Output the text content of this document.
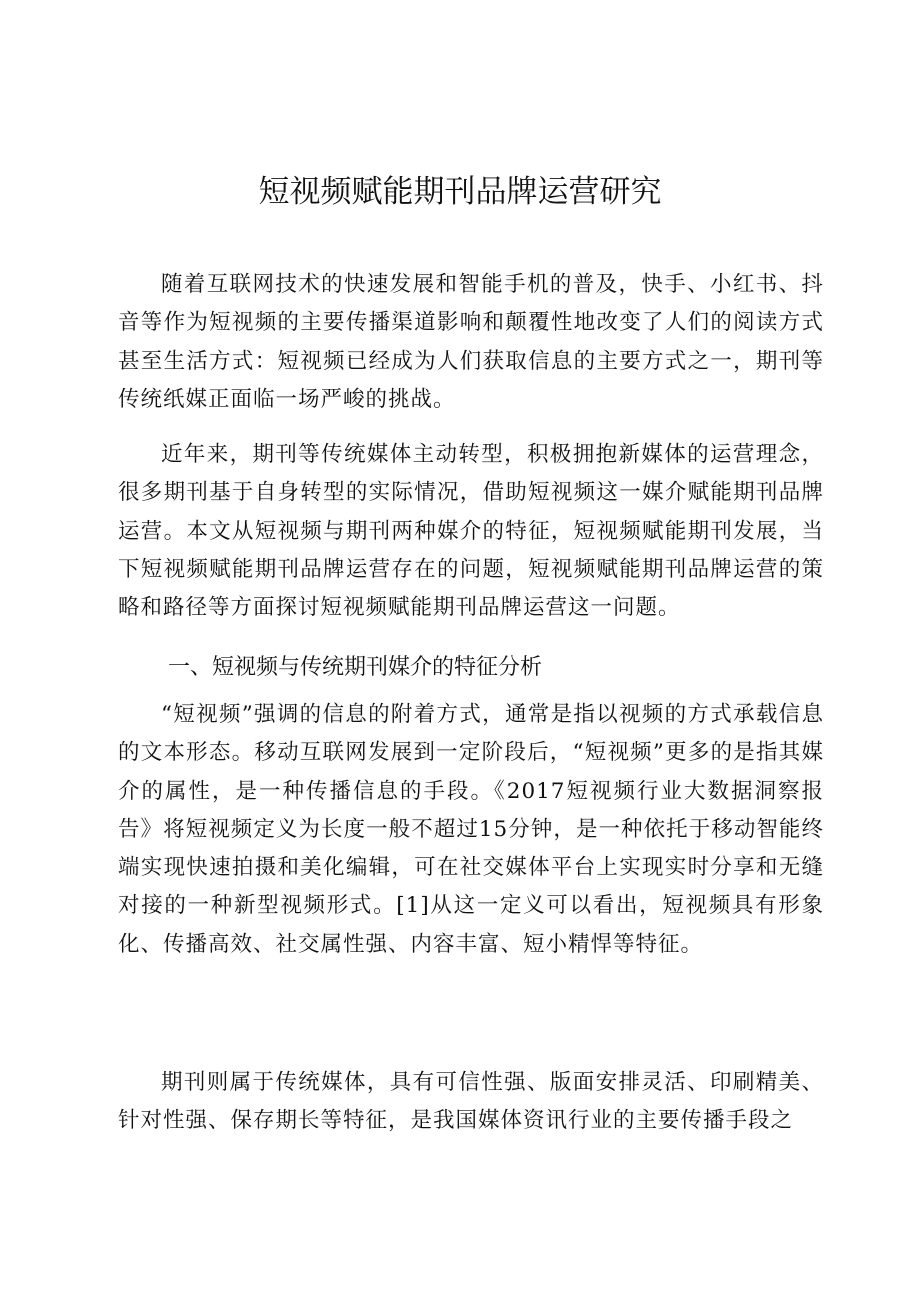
短视频赋能期刊品牌运营研究

随着互联网技术的快速发展和智能手机的普及，快手、小红书、抖音等作为短视频的主要传播渠道影响和颠覆性地改变了人们的阅读方式甚至生活方式：短视频已经成为人们获取信息的主要方式之一，期刊等传统纸媒正面临一场严峻的挑战。

近年来，期刊等传统媒体主动转型，积极拥抱新媒体的运营理念，很多期刊基于自身转型的实际情况，借助短视频这一媒介赋能期刊品牌运营。本文从短视频与期刊两种媒介的特征，短视频赋能期刊发展，当下短视频赋能期刊品牌运营存在的问题，短视频赋能期刊品牌运营的策略和路径等方面探讨短视频赋能期刊品牌运营这一问题。

一、短视频与传统期刊媒介的特征分析

“短视频”强调的信息的附着方式，通常是指以视频的方式承载信息的文本形态。移动互联网发展到一定阶段后，“短视频”更多的是指其媒介的属性，是一种传播信息的手段。《2017短视频行业大数据洞察报告》将短视频定义为长度一般不超过15分钟，是一种依托于移动智能终端实现快速拍摄和美化编辑，可在社交媒体平台上实现实时分享和无缝对接的一种新型视频形式。[1]从这一定义可以看出，短视频具有形象化、传播高效、社交属性强、内容丰富、短小精悍等特征。

期刊则属于传统媒体，具有可信性强、版面安排灵活、印刷精美、针对性强、保存期长等特征，是我国媒体资讯行业的主要传播手段之
